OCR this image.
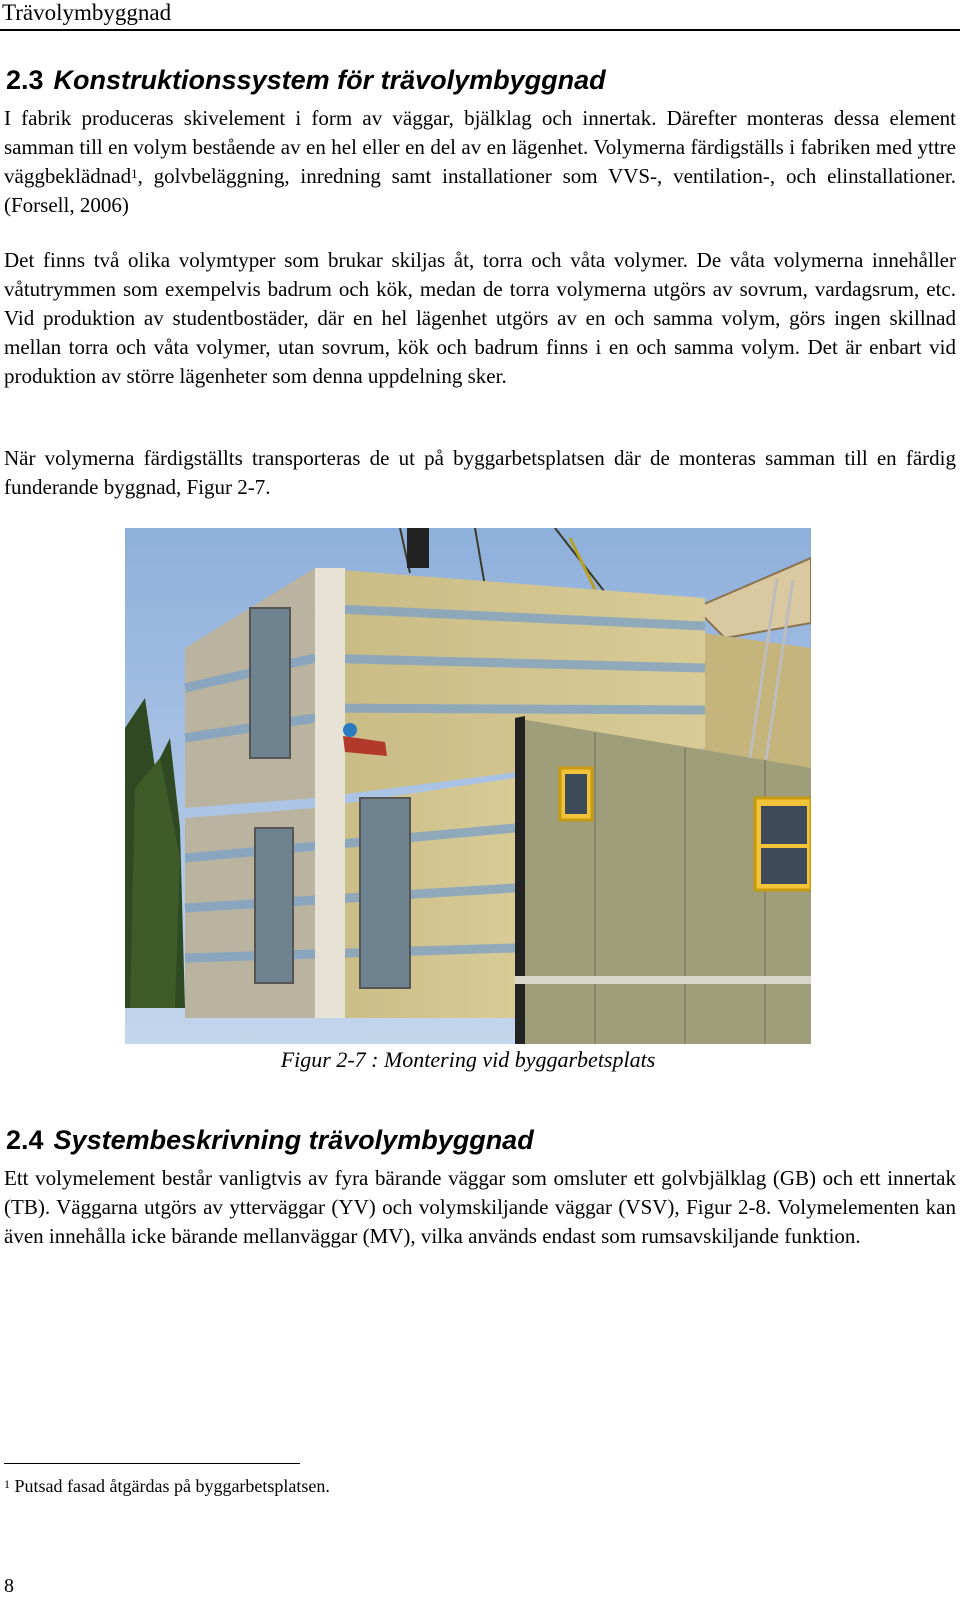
Trävolymbyggnad
2.3 Konstruktionssystem för trävolymbyggnad

I fabrik produceras skivelement i form av väggar, bjälklag och innertak. Därefter monteras dessa element samman till en volym bestående av en hel eller en del av en lägenhet. Volymerna färdigställs i fabriken med yttre väggbeklädnad$^1$, golvbeläggning, inredning samt installationer som VVS-, ventilation-, och elinstallationer. (Forsell, 2006)

Det finns två olika volymtyper som brukar skiljas åt, torra och våta volymer. De våta volymerna innehåller våtutrymmen som exempelvis badrum och kök, medan de torra volymerna utgörs av sovrum, vardagsrum, etc. Vid produktion av studentbostäder, där en hel lägenhet utgörs av en och samma volym, görs ingen skillnad mellan torra och våta volymer, utan sovrum, kök och badrum finns i en och samma volym. Det är enbart vid produktion av större lägenheter som denna uppdelning sker.
När volymerna färdigställts transporteras de ut på byggarbetsplatsen där de monteras samman till en färdig funderande byggnad, Figur 2-7.
Figur 2-7 : Montering vid byggarbetsplats
2.4 Systembeskrivning trävolymbyggnad
Ett volymelement består vanligtvis av fyra bärande väggar som omsluter ett golvbjälklag (GB) och ett innertak (TB). Väggarna utgörs av ytterväggar (YV) och volymskiljande väggar (VSV), Figur 2-8. Volymelementen kan även innehålla icke bärande mellanväggar (MV), vilka används endast som rumsavskiljande funktion.
$^1$ Putsad fasad åtgärdas på byggarbetsplatsen.
8
